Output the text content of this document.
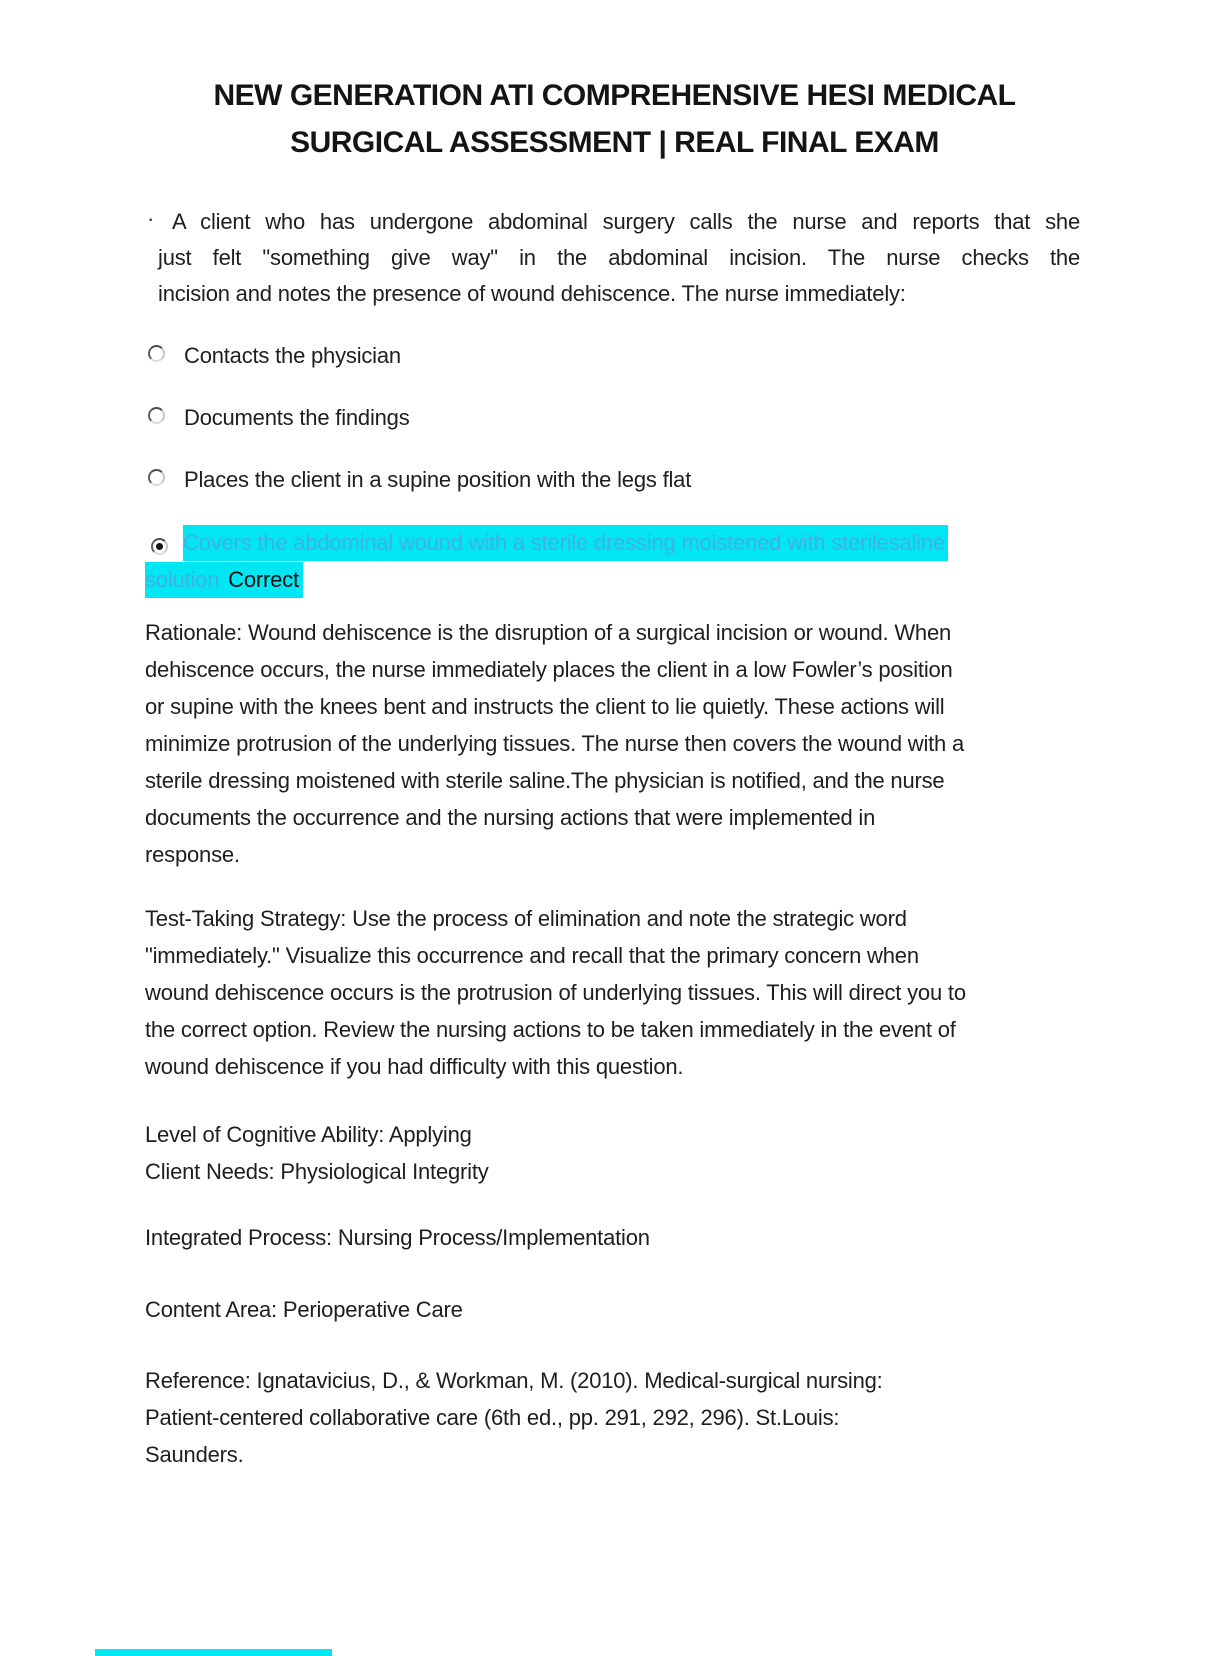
NEW GENERATION ATI COMPREHENSIVE HESI MEDICAL
SURGICAL ASSESSMENT | REAL FINAL EXAM
· A client who has undergone abdominal surgery calls the nurse and reports that she
just felt "something give way" in the abdominal incision. The nurse checks the
incision and notes the presence of wound dehiscence. The nurse immediately:
Contacts the physician
Documents the findings
Places the client in a supine position with the legs flat
Covers the abdominal wound with a sterile dressing moistened with sterilesaline
solution Correct
Rationale: Wound dehiscence is the disruption of a surgical incision or wound. When
dehiscence occurs, the nurse immediately places the client in a low Fowler’s position
or supine with the knees bent and instructs the client to lie quietly. These actions will
minimize protrusion of the underlying tissues. The nurse then covers the wound with a
sterile dressing moistened with sterile saline.The physician is notified, and the nurse
documents the occurrence and the nursing actions that were implemented in
response.
Test-Taking Strategy: Use the process of elimination and note the strategic word
"immediately." Visualize this occurrence and recall that the primary concern when
wound dehiscence occurs is the protrusion of underlying tissues. This will direct you to
the correct option. Review the nursing actions to be taken immediately in the event of
wound dehiscence if you had difficulty with this question.
Level of Cognitive Ability: Applying
Client Needs: Physiological Integrity
Integrated Process: Nursing Process/Implementation
Content Area: Perioperative Care
Reference: Ignatavicius, D., & Workman, M. (2010). Medical-surgical nursing:
Patient-centered collaborative care (6th ed., pp. 291, 292, 296). St.Louis:
Saunders.
